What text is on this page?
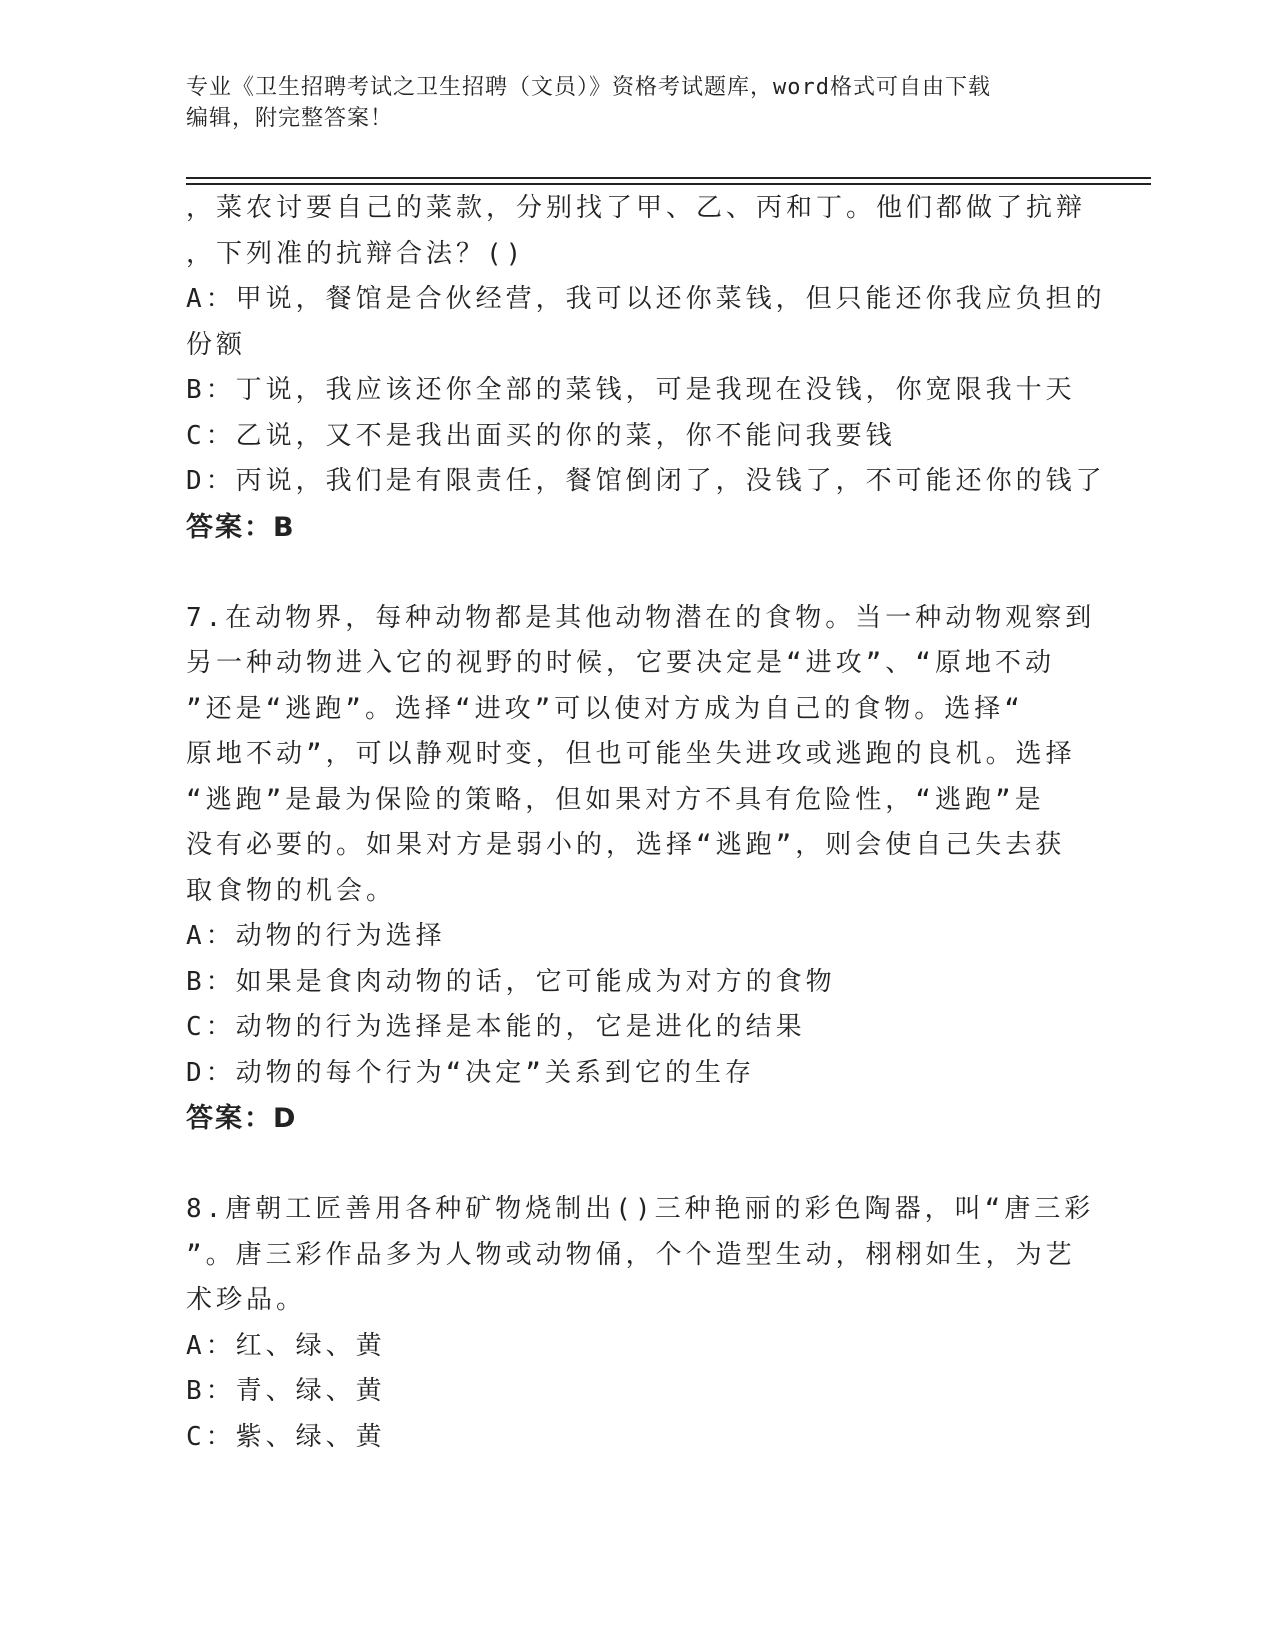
专业《卫生招聘考试之卫生招聘（文员）》资格考试题库，word格式可自由下载
编辑，附完整答案！
，菜农讨要自己的菜款，分别找了甲、乙、丙和丁。他们都做了抗辩
，下列准的抗辩合法？()
A：甲说，餐馆是合伙经营，我可以还你菜钱，但只能还你我应负担的
份额
B：丁说，我应该还你全部的菜钱，可是我现在没钱，你宽限我十天
C：乙说，又不是我出面买的你的菜，你不能问我要钱
D：丙说，我们是有限责任，餐馆倒闭了，没钱了，不可能还你的钱了
答案：B
7.在动物界，每种动物都是其他动物潜在的食物。当一种动物观察到
另一种动物进入它的视野的时候，它要决定是“进攻”、“原地不动
”还是“逃跑”。选择“进攻”可以使对方成为自己的食物。选择“
原地不动”，可以静观时变，但也可能坐失进攻或逃跑的良机。选择
“逃跑”是最为保险的策略，但如果对方不具有危险性，“逃跑”是
没有必要的。如果对方是弱小的，选择“逃跑”，则会使自己失去获
取食物的机会。
A：动物的行为选择
B：如果是食肉动物的话，它可能成为对方的食物
C：动物的行为选择是本能的，它是进化的结果
D：动物的每个行为“决定”关系到它的生存
答案：D
8.唐朝工匠善用各种矿物烧制出()三种艳丽的彩色陶器，叫“唐三彩
”。唐三彩作品多为人物或动物俑，个个造型生动，栩栩如生，为艺
术珍品。
A：红、绿、黄
B：青、绿、黄
C：紫、绿、黄
